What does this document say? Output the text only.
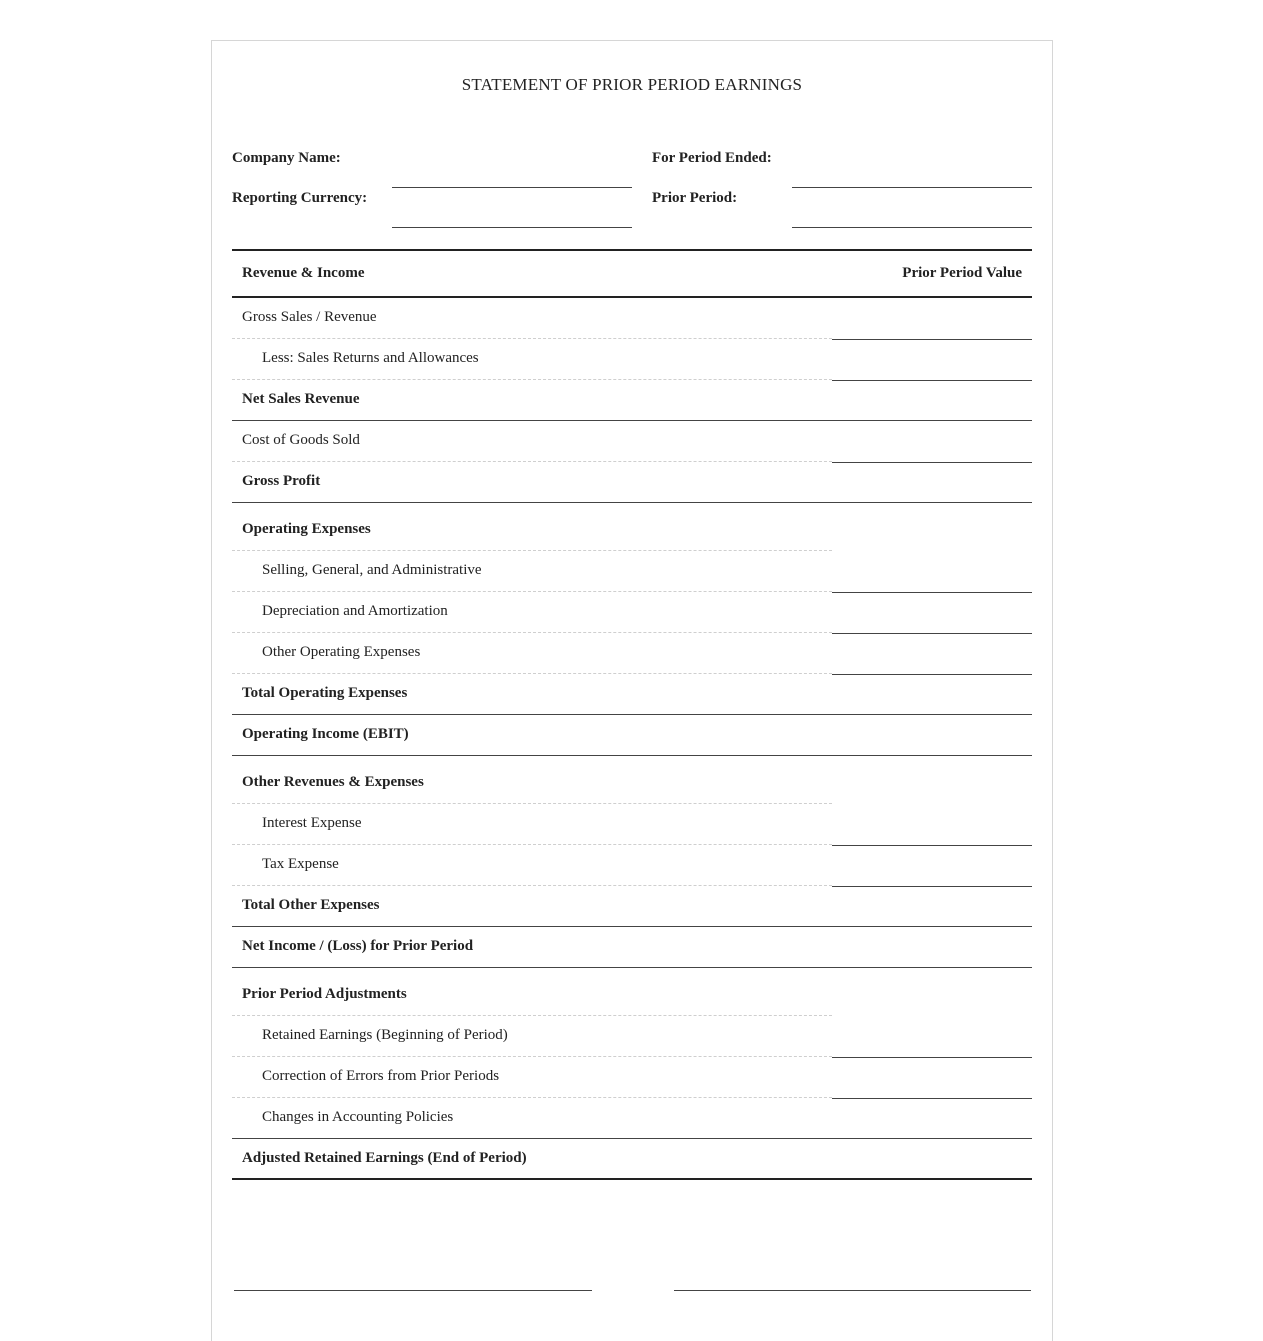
STATEMENT OF PRIOR PERIOD EARNINGS
Company Name:	For Period Ended:
Reporting Currency:	Prior Period:
Revenue & Income	Prior Period Value
Gross Sales / Revenue
Less: Sales Returns and Allowances
Net Sales Revenue
Cost of Goods Sold
Gross Profit
Operating Expenses
Selling, General, and Administrative
Depreciation and Amortization
Other Operating Expenses
Total Operating Expenses
Operating Income (EBIT)
Other Revenues & Expenses
Interest Expense
Tax Expense
Total Other Expenses
Net Income / (Loss) for Prior Period
Prior Period Adjustments
Retained Earnings (Beginning of Period)
Correction of Errors from Prior Periods
Changes in Accounting Policies
Adjusted Retained Earnings (End of Period)
